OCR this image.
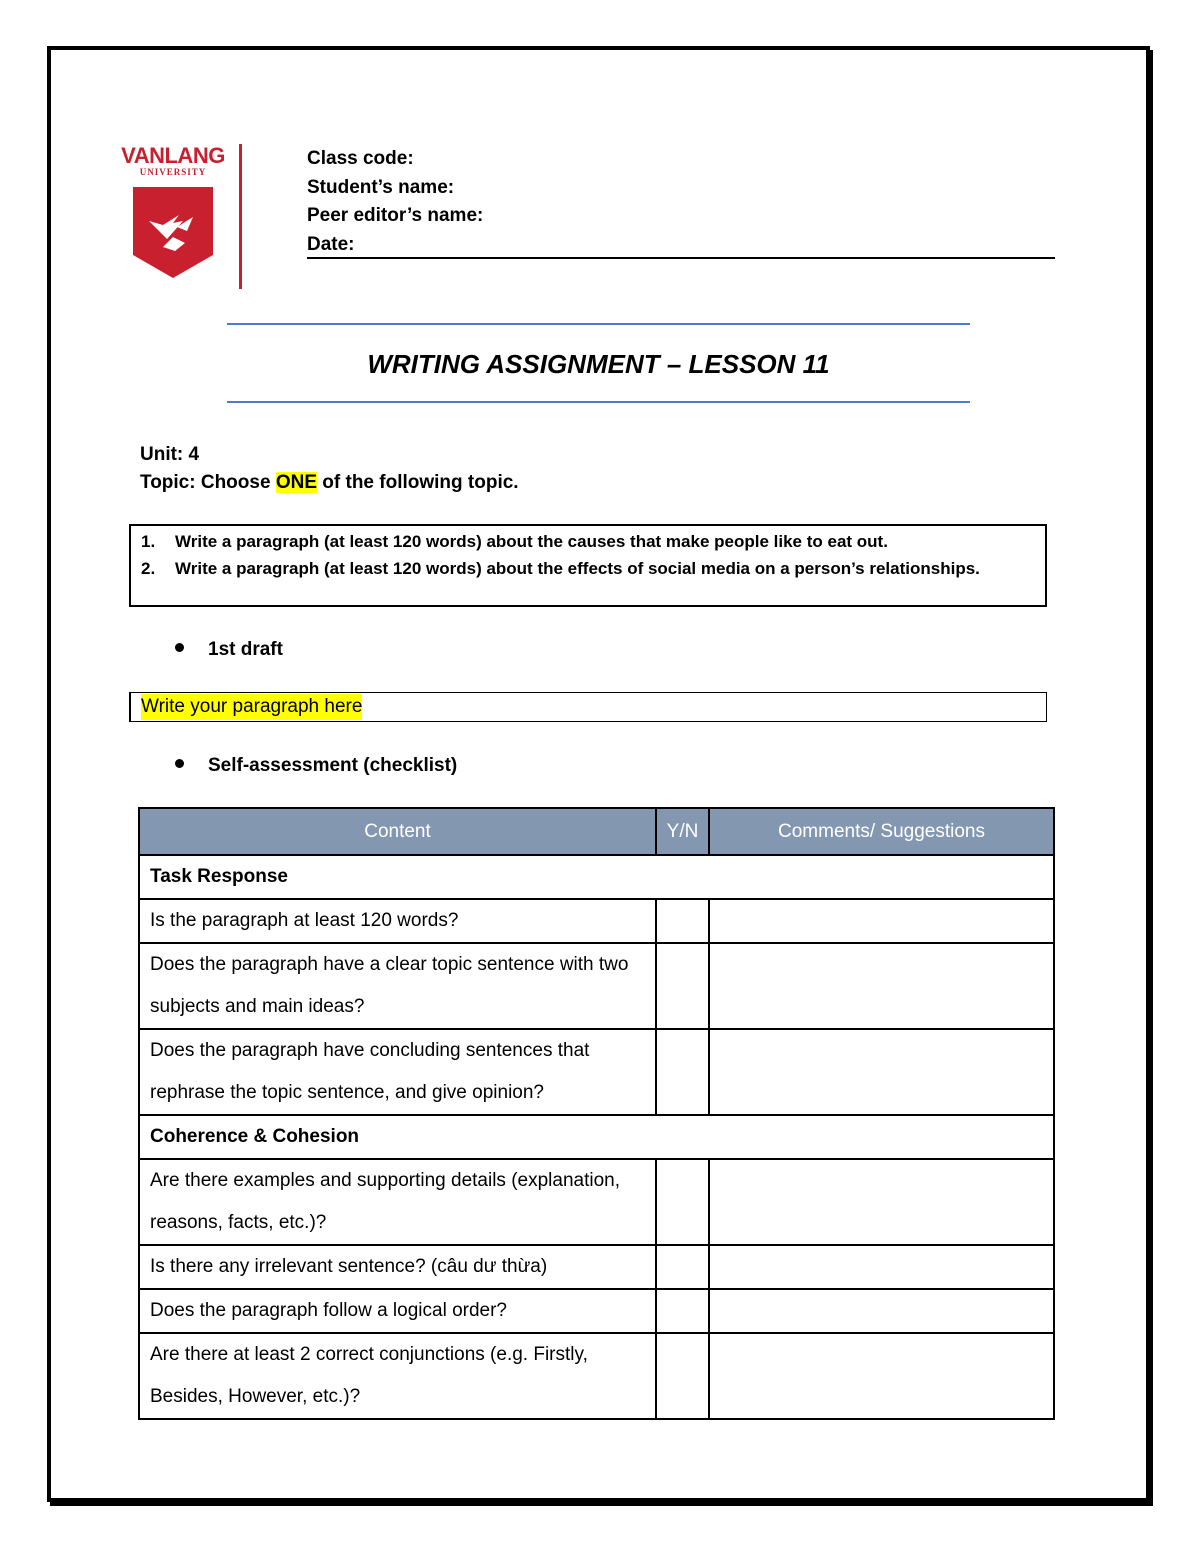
VANLANG
UNIVERSITY
Class code:
Student’s name:
Peer editor’s name:
Date:
WRITING ASSIGNMENT – LESSON 11
Unit: 4
Topic: Choose ONE of the following topic.
1. Write a paragraph (at least 120 words) about the causes that make people like to eat out.
2. Write a paragraph (at least 120 words) about the effects of social media on a person’s relationships.
1st draft
Write your paragraph here
Self-assessment (checklist)
Content	Y/N	Comments/ Suggestions
Task Response		
Is the paragraph at least 120 words?		
Does the paragraph have a clear topic sentence with two subjects and main ideas?		
Does the paragraph have concluding sentences that rephrase the topic sentence, and give opinion?		
Coherence & Cohesion		
Are there examples and supporting details (explanation, reasons, facts, etc.)?		
Is there any irrelevant sentence? (câu dư thừa)		
Does the paragraph follow a logical order?		
Are there at least 2 correct conjunctions (e.g. Firstly, Besides, However, etc.)?		
